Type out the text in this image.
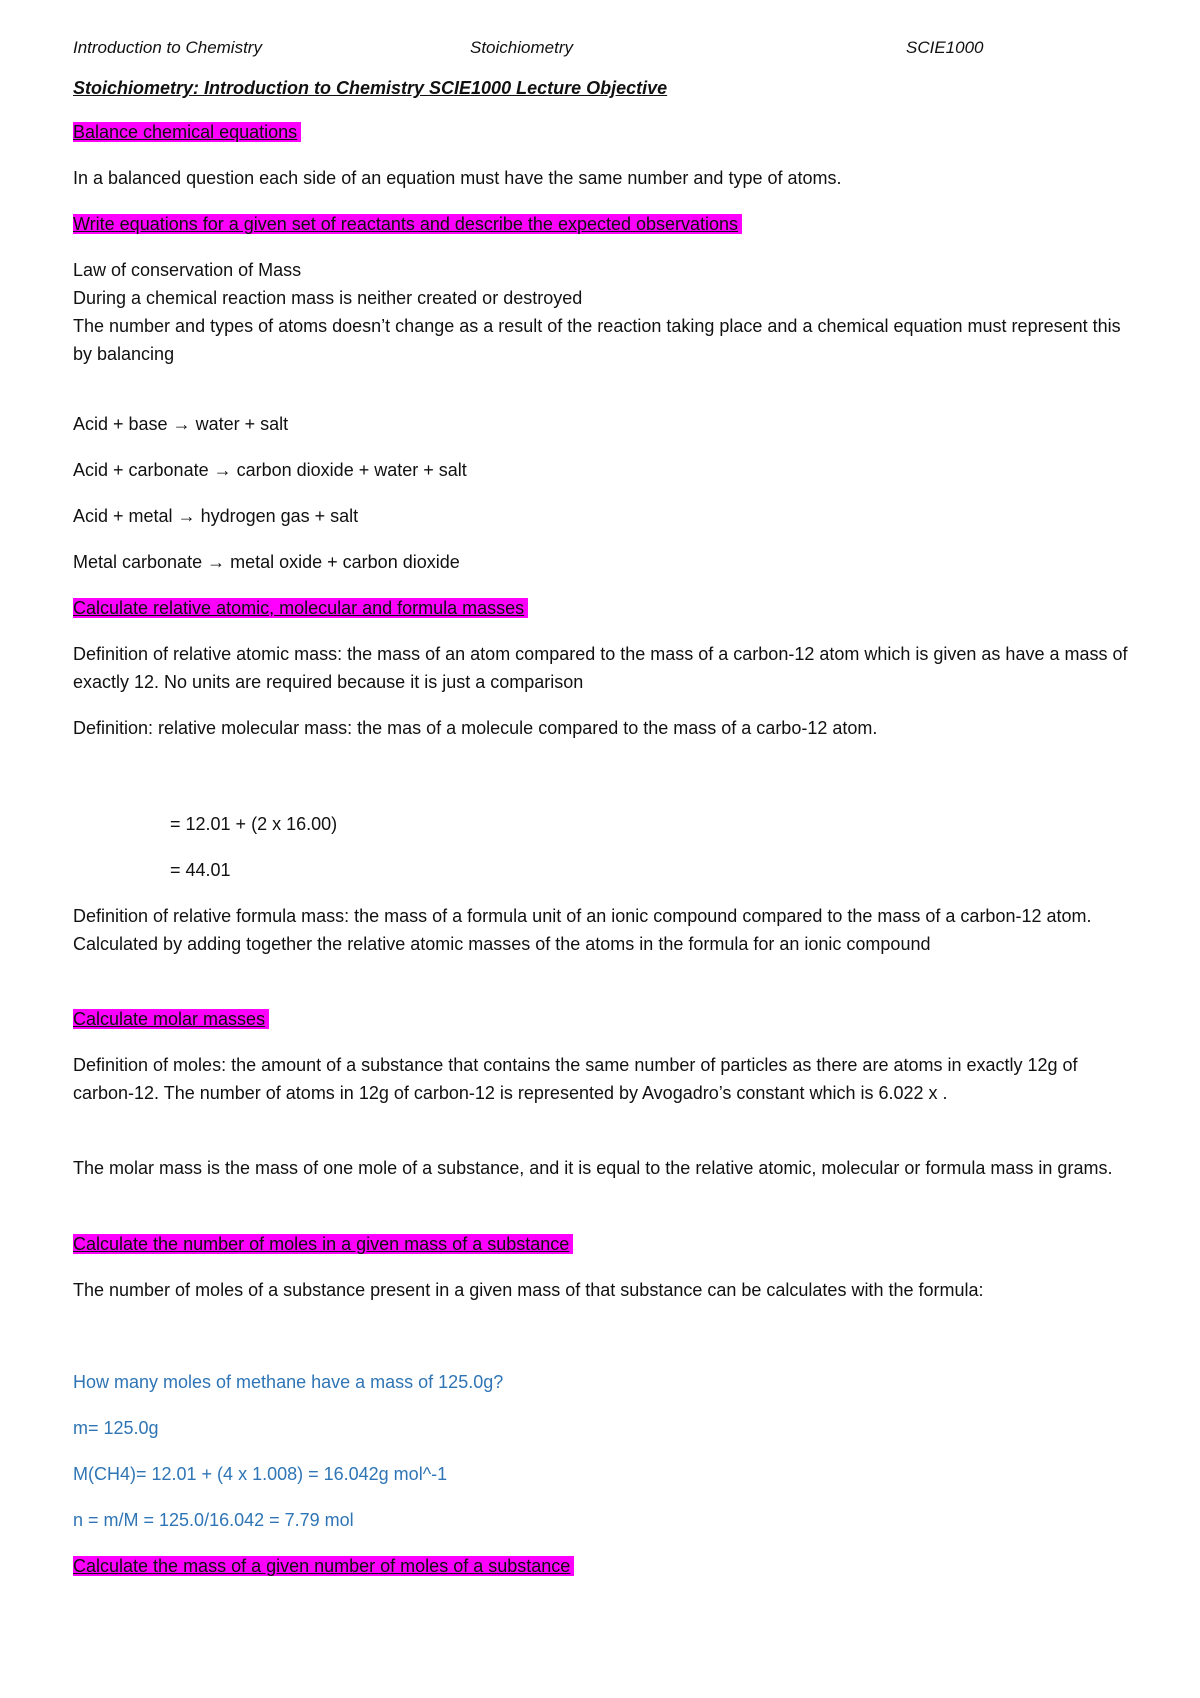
Introduction to Chemistry	Stoichiometry	SCIE1000
Stoichiometry: Introduction to Chemistry SCIE1000 Lecture Objective
Balance chemical equations
In a balanced question each side of an equation must have the same number and type of atoms.
Write equations for a given set of reactants and describe the expected observations
Law of conservation of Mass
During a chemical reaction mass is neither created or destroyed
The number and types of atoms doesn’t change as a result of the reaction taking place and a chemical equation must represent this by balancing
Acid + base → water + salt
Acid + carbonate → carbon dioxide + water + salt
Acid + metal → hydrogen gas + salt
Metal carbonate → metal oxide + carbon dioxide
Calculate relative atomic, molecular and formula masses
Definition of relative atomic mass: the mass of an atom compared to the mass of a carbon-12 atom which is given as have a mass of exactly 12. No units are required because it is just a comparison
Definition: relative molecular mass: the mas of a molecule compared to the mass of a carbo-12 atom.
= 12.01 + (2 x 16.00)
= 44.01
Definition of relative formula mass: the mass of a formula unit of an ionic compound compared to the mass of a carbon-12 atom. Calculated by adding together the relative atomic masses of the atoms in the formula for an ionic compound
Calculate molar masses
Definition of moles: the amount of a substance that contains the same number of particles as there are atoms in exactly 12g of carbon-12. The number of atoms in 12g of carbon-12 is represented by Avogadro’s constant which is 6.022 x .
The molar mass is the mass of one mole of a substance, and it is equal to the relative atomic, molecular or formula mass in grams.
Calculate the number of moles in a given mass of a substance
The number of moles of a substance present in a given mass of that substance can be calculates with the formula:
How many moles of methane have a mass of 125.0g?
m= 125.0g
M(CH4)= 12.01 + (4 x 1.008) = 16.042g mol^-1
n = m/M = 125.0/16.042 = 7.79 mol
Calculate the mass of a given number of moles of a substance
